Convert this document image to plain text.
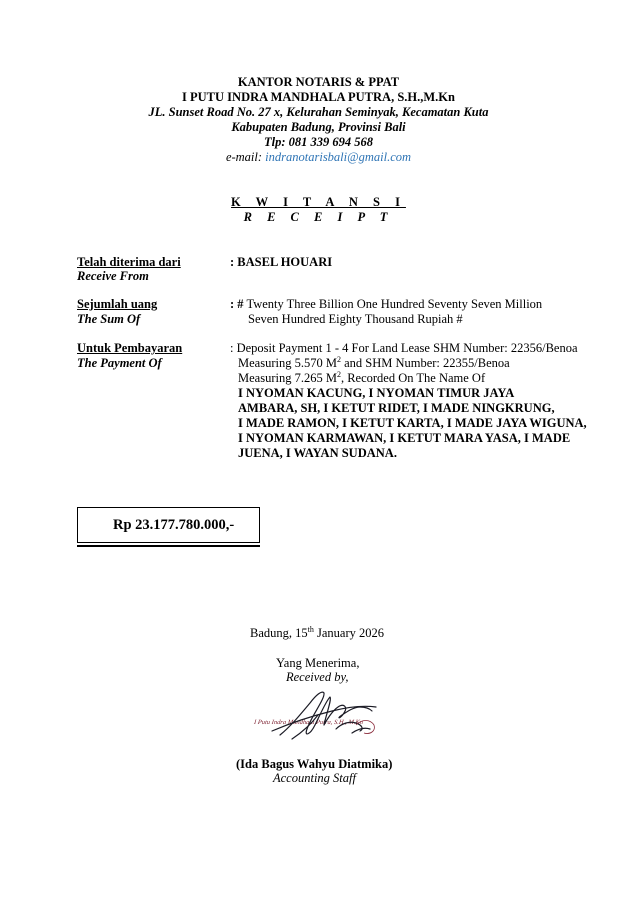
KANTOR NOTARIS & PPAT
I PUTU INDRA MANDHALA PUTRA, S.H.,M.Kn
JL. Sunset Road No. 27 x, Kelurahan Seminyak, Kecamatan Kuta
Kabupaten Badung, Provinsi Bali
Tlp: 081 339 694 568
e-mail: indranotarisbali@gmail.com
K W I T A N S I
R E C E I P T
Telah diterima dari
Receive From
: BASEL HOUARI
Sejumlah uang
The Sum Of
: # Twenty Three Billion One Hundred Seventy Seven Million
Seven Hundred Eighty Thousand Rupiah #
Untuk Pembayaran
The Payment Of
: Deposit Payment 1 - 4 For Land Lease SHM Number: 22356/Benoa
Measuring 5.570 $M^2$ and SHM Number: 22355/Benoa
Measuring 7.265 $M^2$, Recorded On The Name Of
I NYOMAN KACUNG, I NYOMAN TIMUR JAYA
AMBARA, SH, I KETUT RIDET, I MADE NINGKRUNG,
I MADE RAMON, I KETUT KARTA, I MADE JAYA WIGUNA,
I NYOMAN KARMAWAN, I KETUT MARA YASA, I MADE
JUENA, I WAYAN SUDANA.
Rp 23.177.780.000,-
Badung, 15th January 2026
Yang Menerima,
Received by,
I Putu Indra Mandhala Putra, S.H., M.Kn
(Ida Bagus Wahyu Diatmika)
Accounting Staff
